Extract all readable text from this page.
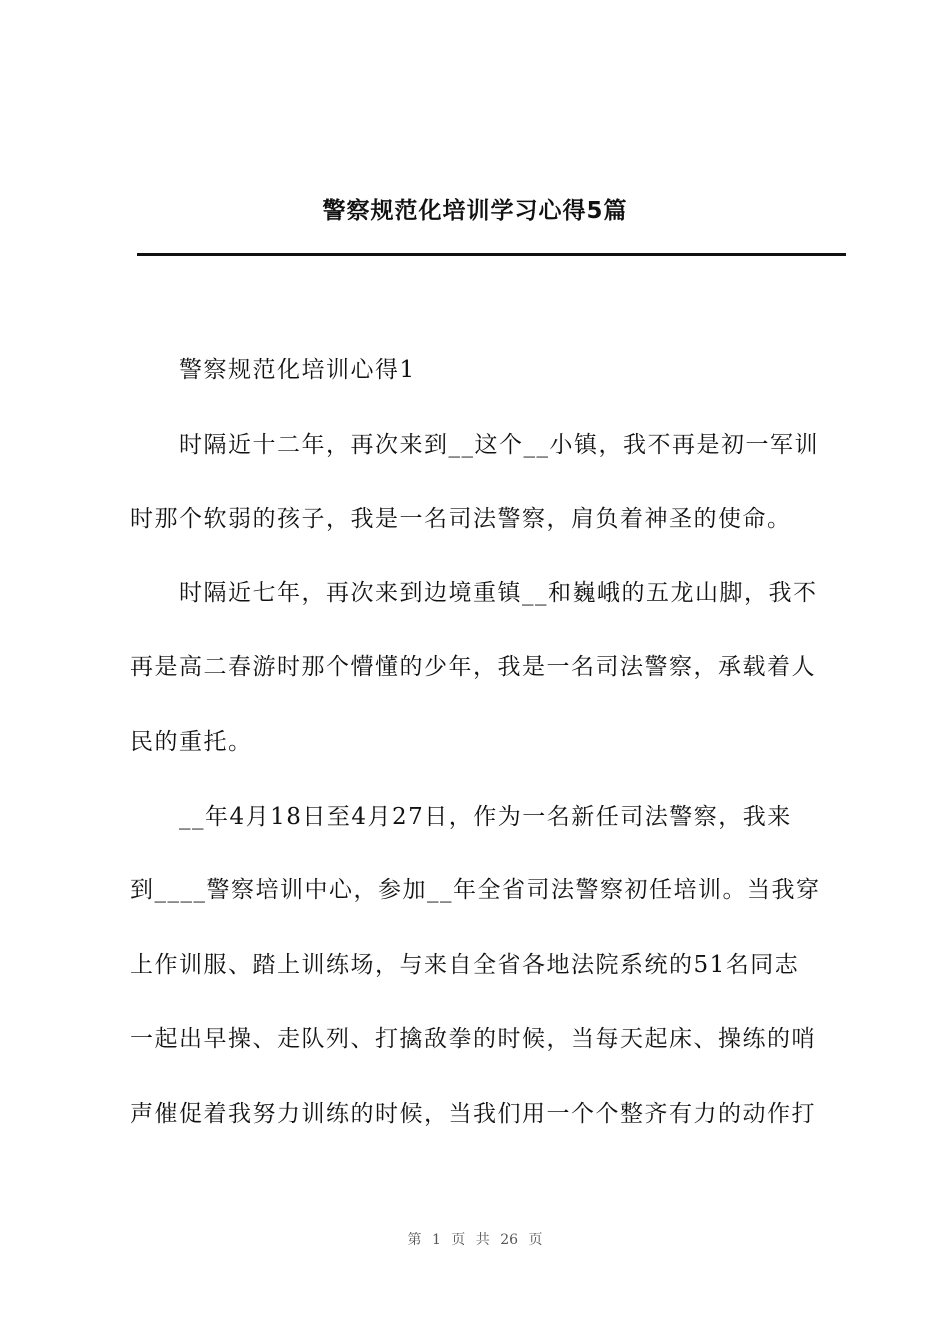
警察规范化培训学习心得5篇
警察规范化培训心得1
时隔近十二年，再次来到__这个__小镇，我不再是初一军训
时那个软弱的孩子，我是一名司法警察，肩负着神圣的使命。
时隔近七年，再次来到边境重镇__和巍峨的五龙山脚，我不
再是高二春游时那个懵懂的少年，我是一名司法警察，承载着人
民的重托。
__年4月18日至4月27日，作为一名新任司法警察，我来
到____警察培训中心，参加__年全省司法警察初任培训。当我穿
上作训服、踏上训练场，与来自全省各地法院系统的51名同志
一起出早操、走队列、打擒敌拳的时候，当每天起床、操练的哨
声催促着我努力训练的时候，当我们用一个个整齐有力的动作打
第 1 页 共 26 页
